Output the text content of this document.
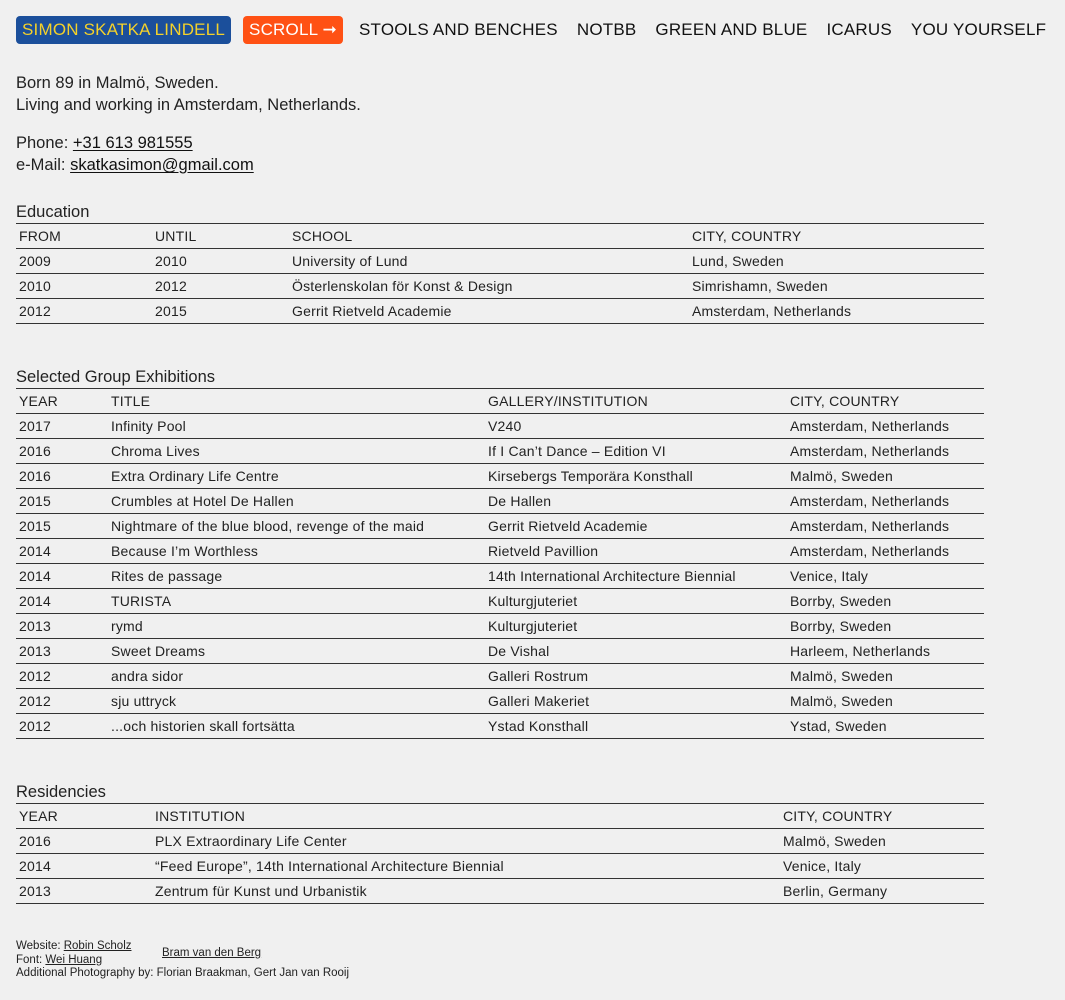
SIMON SKATKA LINDELL SCROLL ➞ STOOLS AND BENCHES NOTBB GREEN AND BLUE ICARUS YOU YOURSELF

Born 89 in Malmö, Sweden.

Living and working in Amsterdam, Netherlands.

Phone: +31 613 981555

e-Mail: skatkasimon@gmail.com

Education
FROM	UNTIL	SCHOOL	CITY, COUNTRY
2009	2010	University of Lund	Lund, Sweden
2010	2012	Österlenskolan för Konst & Design	Simrishamn, Sweden
2012	2015	Gerrit Rietveld Academie	Amsterdam, Netherlands
Selected Group Exhibitions
YEAR	TITLE	GALLERY/INSTITUTION	CITY, COUNTRY
2017	Infinity Pool	V240	Amsterdam, Netherlands
2016	Chroma Lives	If I Can’t Dance – Edition VI	Amsterdam, Netherlands
2016	Extra Ordinary Life Centre	Kirsebergs Temporära Konsthall	Malmö, Sweden
2015	Crumbles at Hotel De Hallen	De Hallen	Amsterdam, Netherlands
2015	Nightmare of the blue blood, revenge of the maid	Gerrit Rietveld Academie	Amsterdam, Netherlands
2014	Because I’m Worthless	Rietveld Pavillion	Amsterdam, Netherlands
2014	Rites de passage	14th International Architecture Biennial	Venice, Italy
2014	TURISTA	Kulturgjuteriet	Borrby, Sweden
2013	rymd	Kulturgjuteriet	Borrby, Sweden
2013	Sweet Dreams	De Vishal	Harleem, Netherlands
2012	andra sidor	Galleri Rostrum	Malmö, Sweden
2012	sju uttryck	Galleri Makeriet	Malmö, Sweden
2012	...och historien skall fortsätta	Ystad Konsthall	Ystad, Sweden
Residencies
YEAR	INSTITUTION	CITY, COUNTRY
2016	PLX Extraordinary Life Center	Malmö, Sweden
2014	“Feed Europe”, 14th International Architecture Biennial	Venice, Italy
2013	Zentrum für Kunst und Urbanistik	Berlin, Germany
Website: Robin Scholz
Bram van den Berg
Font: Wei Huang
Additional Photography by: Florian Braakman, Gert Jan van Rooij
